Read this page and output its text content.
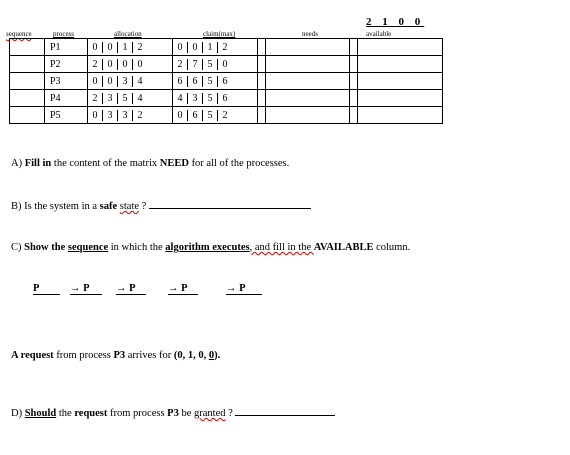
2 1 0 0
sequence	process	allocation	claim(max)	needs	available
	P1	0 0 1 2	0 0 1 2				

	P2	2 0 0 0	2 7 5 0				

	P3	0 0 3 4	6 6 5 6				

	P4	2 3 5 4	4 3 5 6				

	P5	0 3 3 2	0 6 5 2				

A) Fill in the content of the matrix NEED for all of the processes.
B) Is the system in a safe state ?
C) Show the sequence in which the algorithm executes, and fill in the AVAILABLE column.
P	→ P	→ P	→ P	→ P
A request from process P3 arrives for (0, 1, 0, 0).
D) Should the request from process P3 be granted ?
